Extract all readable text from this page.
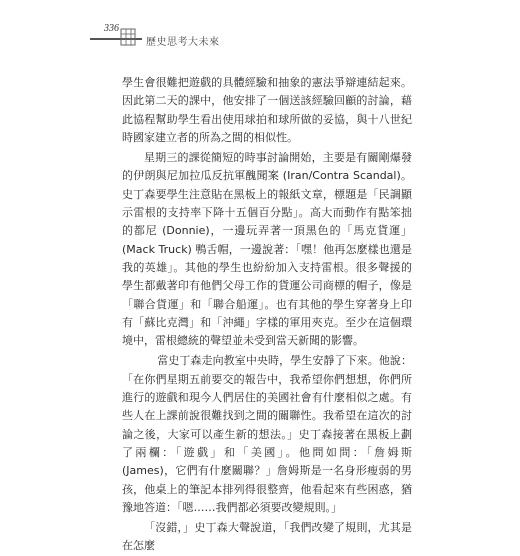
336
歷史思考大未來

學生會很難把遊戲的具體經驗和抽象的憲法爭辯連結起來。因此第二天的課中，他安排了一個送該經驗回顧的討論，藉此協程幫助學生看出使用球拍和球所做的妥協，與十八世紀時國家建立者的所為之間的相似性。

星期三的課從簡短的時事討論開始，主要是有關剛爆發的伊朗與尼加拉瓜反抗軍醜聞案 (Iran/Contra Scandal)。史丁森要學生注意貼在黑板上的報紙文章，標題是「民調顯示雷根的支持率下降十五個百分點」。高大而動作有點笨拙的都尼 (Donnie)，一邊玩弄著一頂黑色的「馬克貨運」(Mack Truck) 鴨舌帽，一邊說著：「嘿！他再怎麼樣也還是我的英雄」。其他的學生也紛紛加入支持雷根。很多聲援的學生都戴著印有他們父母工作的貨運公司商標的帽子，像是「聯合貨運」和「聯合船運」。也有其他的學生穿著身上印有「蘇比克灣」和「沖繩」字樣的軍用夾克。至少在這個環境中，雷根總統的聲望並未受到當天新聞的影響。

當史丁森走向教室中央時，學生安靜了下來。他說：「在你們星期五前要交的報告中，我希望你們想想，你們所進行的遊戲和現今人們居住的美國社會有什麼相似之處。有些人在上課前說很難找到之間的關聯性。我希望在這次的討論之後，大家可以產生新的想法。」史丁森接著在黑板上劃了兩欄：「遊戲」和「美國」。他問如問：「詹姆斯 (James)，它們有什麼關聯？」詹姆斯是一名身形瘦弱的男孩，他桌上的筆記本排列得很整齊，他看起來有些困惑，猶豫地答道：「嗯……我們都必須要改變規則。」

「沒錯，」史丁森大聲說道，「我們改變了規則，尤其是在怎麼
